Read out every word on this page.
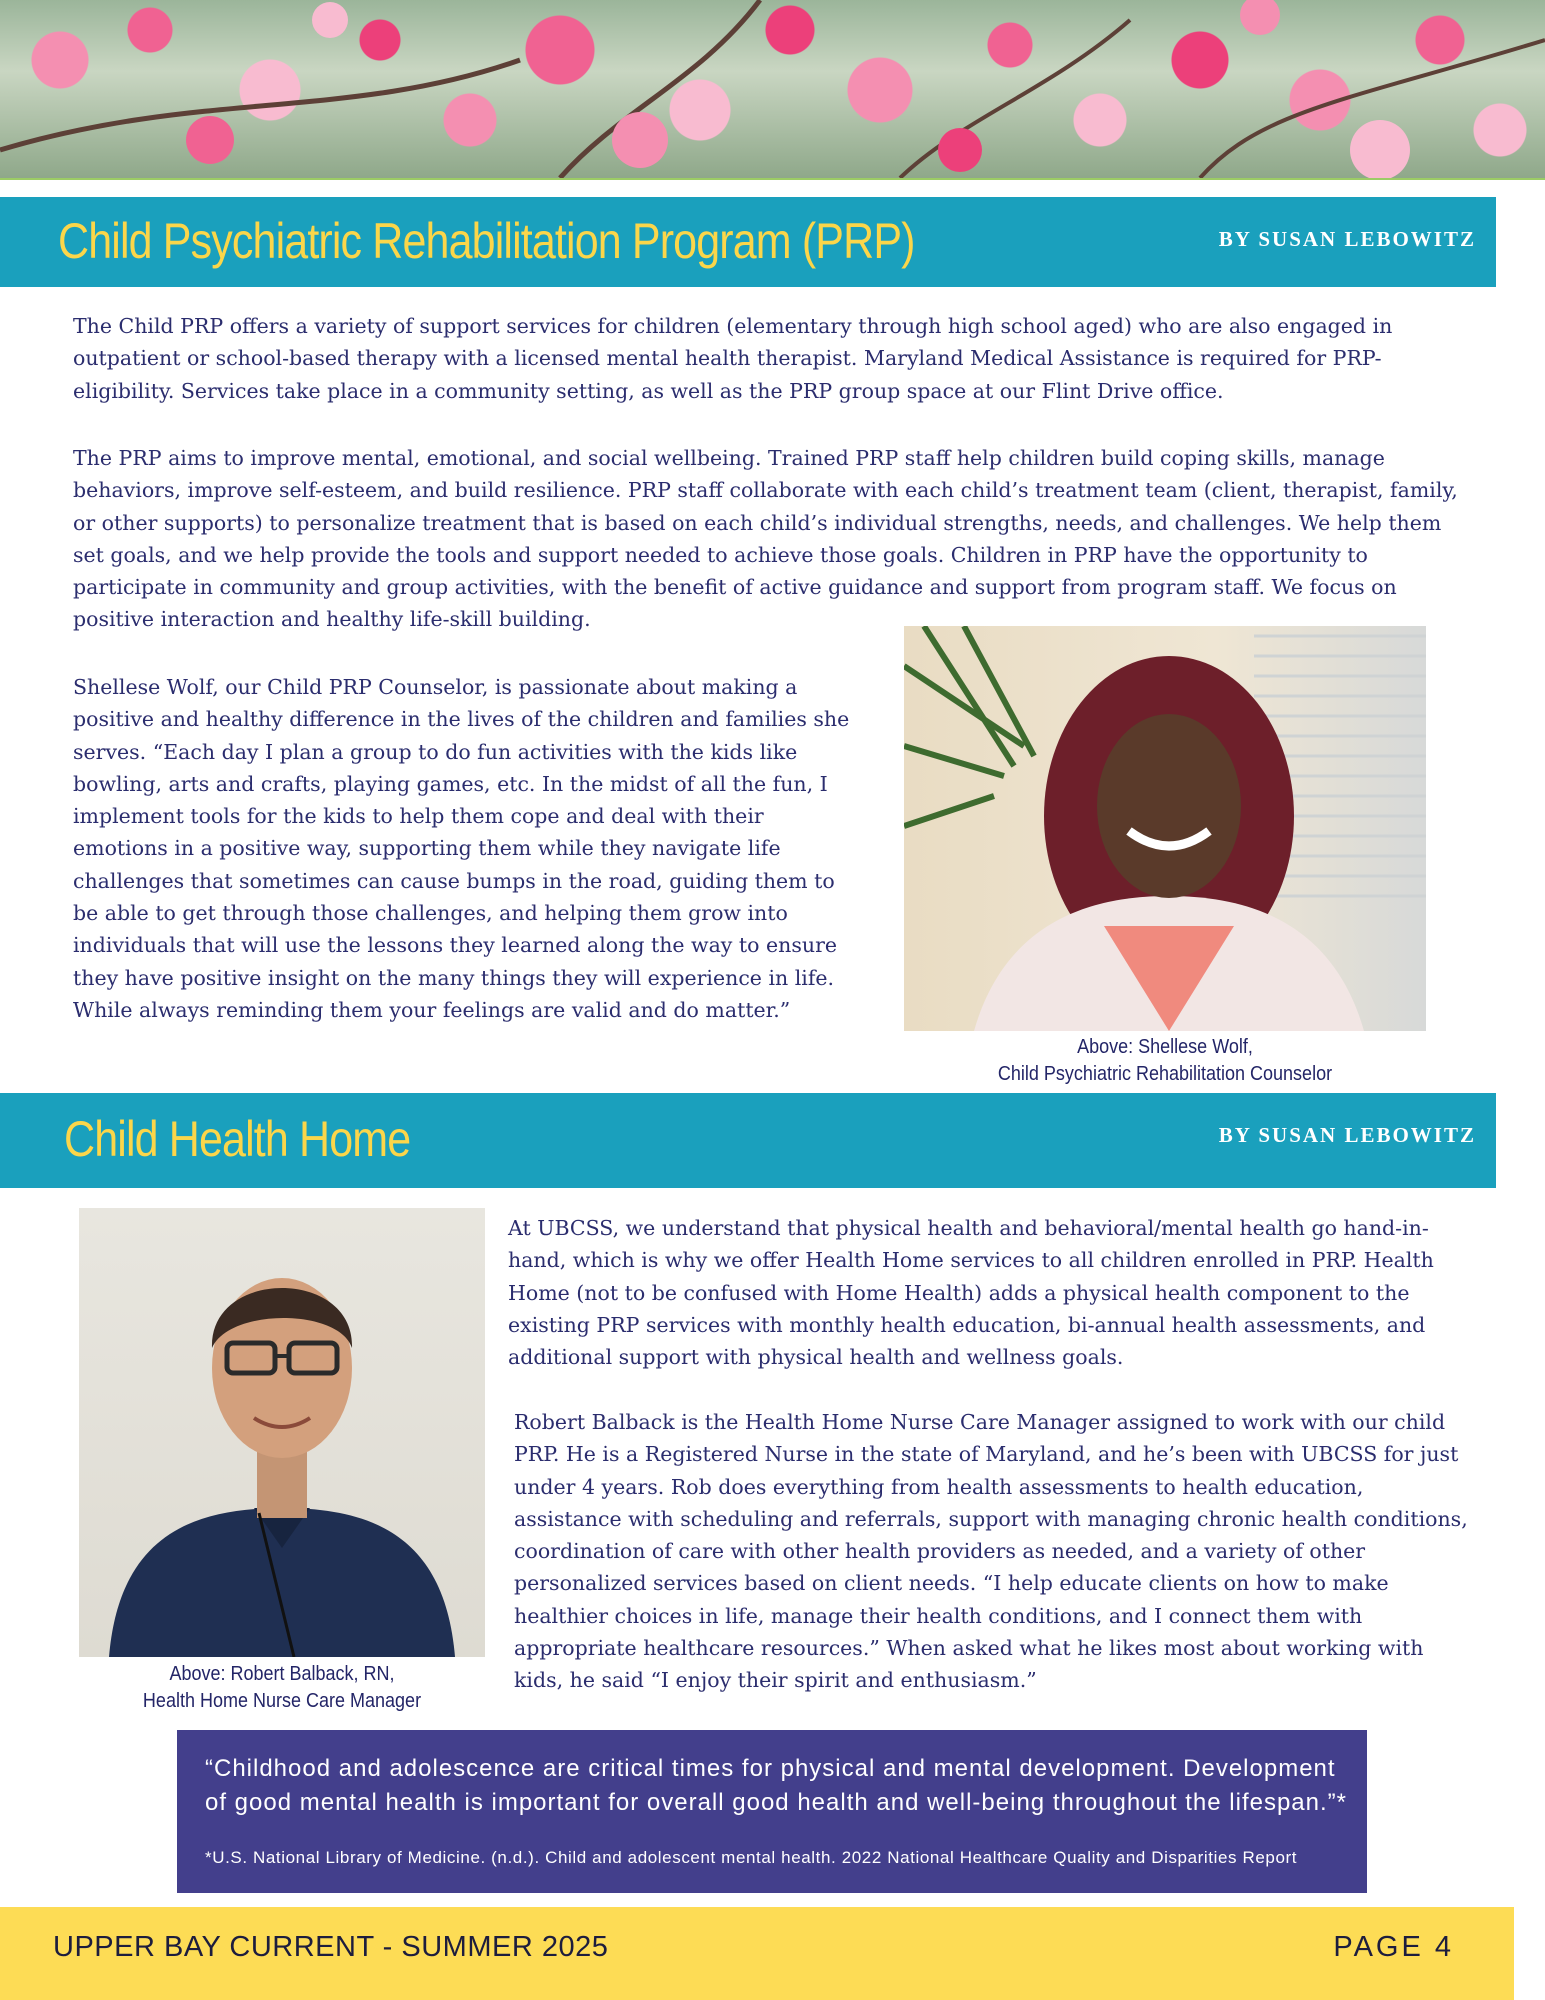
Child Psychiatric Rehabilitation Program (PRP)	BY SUSAN LEBOWITZ

The Child PRP offers a variety of support services for children (elementary through high school aged) who are also engaged in outpatient or school-based therapy with a licensed mental health therapist. Maryland Medical Assistance is required for PRP-eligibility. Services take place in a community setting, as well as the PRP group space at our Flint Drive office.

The PRP aims to improve mental, emotional, and social wellbeing. Trained PRP staff help children build coping skills, manage behaviors, improve self-esteem, and build resilience. PRP staff collaborate with each child’s treatment team (client, therapist, family, or other supports) to personalize treatment that is based on each child’s individual strengths, needs, and challenges. We help them set goals, and we help provide the tools and support needed to achieve those goals. Children in PRP have the opportunity to participate in community and group activities, with the benefit of active guidance and support from program staff. We focus on positive interaction and healthy life-skill building.

Shellese Wolf, our Child PRP Counselor, is passionate about making a positive and healthy difference in the lives of the children and families she serves. “Each day I plan a group to do fun activities with the kids like bowling, arts and crafts, playing games, etc. In the midst of all the fun, I implement tools for the kids to help them cope and deal with their emotions in a positive way, supporting them while they navigate life challenges that sometimes can cause bumps in the road, guiding them to be able to get through those challenges, and helping them grow into individuals that will use the lessons they learned along the way to ensure they have positive insight on the many things they will experience in life. While always reminding them your feelings are valid and do matter.”

Above: Shellese Wolf,
Child Psychiatric Rehabilitation Counselor
Child Health Home	BY SUSAN LEBOWITZ
Above: Robert Balback, RN,
Health Home Nurse Care Manager

At UBCSS, we understand that physical health and behavioral/mental health go hand-in-hand, which is why we offer Health Home services to all children enrolled in PRP. Health Home (not to be confused with Home Health) adds a physical health component to the existing PRP services with monthly health education, bi-annual health assessments, and additional support with physical health and wellness goals.

Robert Balback is the Health Home Nurse Care Manager assigned to work with our child PRP. He is a Registered Nurse in the state of Maryland, and he’s been with UBCSS for just under 4 years. Rob does everything from health assessments to health education, assistance with scheduling and referrals, support with managing chronic health conditions, coordination of care with other health providers as needed, and a variety of other personalized services based on client needs. “I help educate clients on how to make healthier choices in life, manage their health conditions, and I connect them with appropriate healthcare resources.” When asked what he likes most about working with kids, he said “I enjoy their spirit and enthusiasm.”

“Childhood and adolescence are critical times for physical and mental development. Development of good mental health is important for overall good health and well-being throughout the lifespan.”*
*U.S. National Library of Medicine. (n.d.). Child and adolescent mental health. 2022 National Healthcare Quality and Disparities Report
UPPER BAY CURRENT - SUMMER 2025	PAGE 4
